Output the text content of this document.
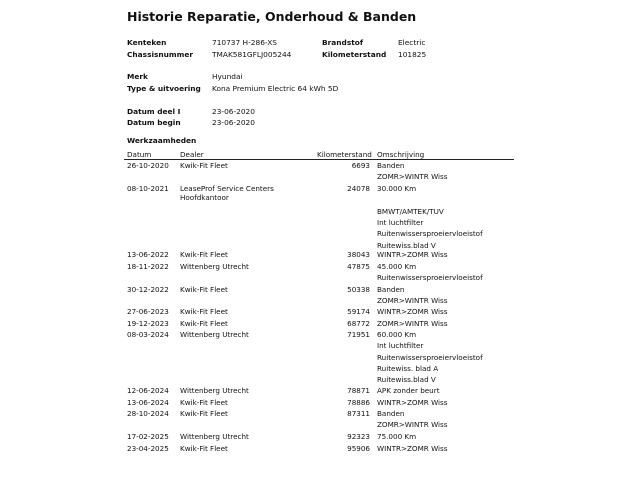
Historie Reparatie, Onderhoud & Banden
Kenteken	710737 H-286-XS	Brandstof	Electric
Chassisnummer	TMAK581GFLJ005244	Kilometerstand 101825
Merk	Hyundai
Type & uitvoering Kona Premium Electric 64 kWh 5D
Datum deel I	23-06-2020
Datum begin	23-06-2020
Werkzaamheden
Datum	Dealer	Kilometerstand Omschrijving
26-10-2020 Kwik-Fit Fleet	6693 Banden
ZOMR>WINTR Wiss
08-10-2021 LeaseProf Service Centers
Hoofdkantoor
24078 30.000 Km
BMWT/AMTEK/TUV
Int luchtfilter
Ruitenwissersproeiervloeistof
Ruitewiss.blad V
13-06-2022 Kwik-Fit Fleet	38043 WINTR>ZOMR Wiss
18-11-2022 Wittenberg Utrecht	47875 45.000 Km
Ruitenwissersproeiervloeistof
30-12-2022 Kwik-Fit Fleet	50338 Banden
ZOMR>WINTR Wiss
27-06-2023 Kwik-Fit Fleet	59174 WINTR>ZOMR Wiss
19-12-2023 Kwik-Fit Fleet	68772 ZOMR>WINTR Wiss
08-03-2024 Wittenberg Utrecht	71951 60.000 Km
Int luchtfilter
Ruitenwissersproeiervloeistof
Ruitewiss. blad A
Ruitewiss.blad V
12-06-2024 Wittenberg Utrecht	78871 APK zonder beurt
13-06-2024 Kwik-Fit Fleet	78886 WINTR>ZOMR Wiss
28-10-2024 Kwik-Fit Fleet	87311 Banden
ZOMR>WINTR Wiss
17-02-2025 Wittenberg Utrecht	92323 75.000 Km
23-04-2025 Kwik-Fit Fleet	95906 WINTR>ZOMR Wiss
